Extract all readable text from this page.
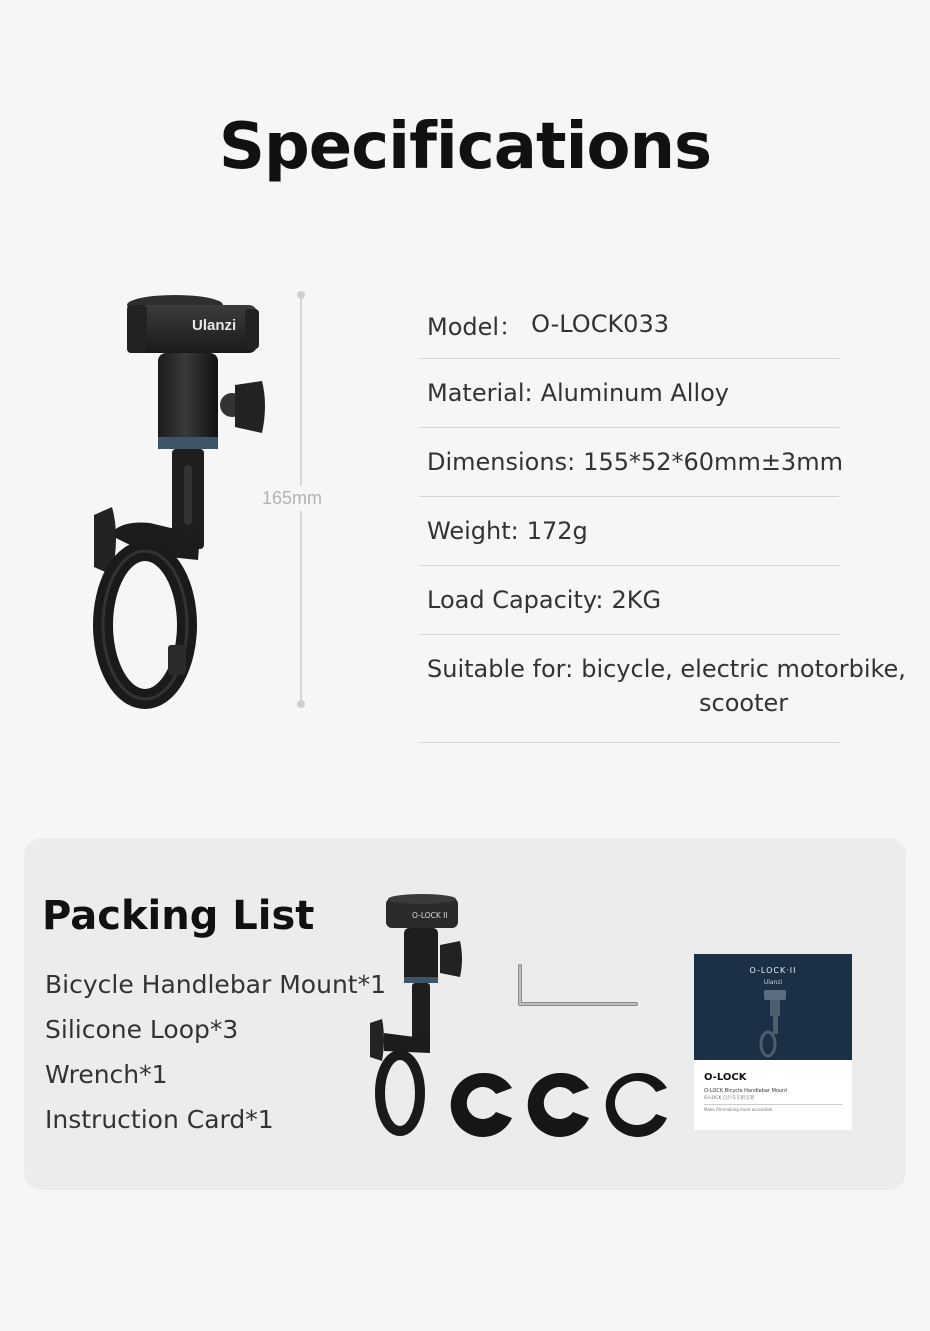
Specifications
Ulanzi
165mm
Model： O-LOCK033
Material: Aluminum Alloy
Dimensions: 155*52*60mm±3mm
Weight: 172g
Load Capacity: 2KG
Suitable for: bicycle, electric motorbike,
scooter
Packing List
Bicycle Handlebar Mount*1
Silicone Loop*3
Wrench*1
Instruction Card*1
O-LOCK II
O-LOCK·II
Ulanzi
O-LOCK
O-LOCK Bicycle Handlebar Mount
O-LOCK 自行车车把支架
Make Filmmaking more accessible
